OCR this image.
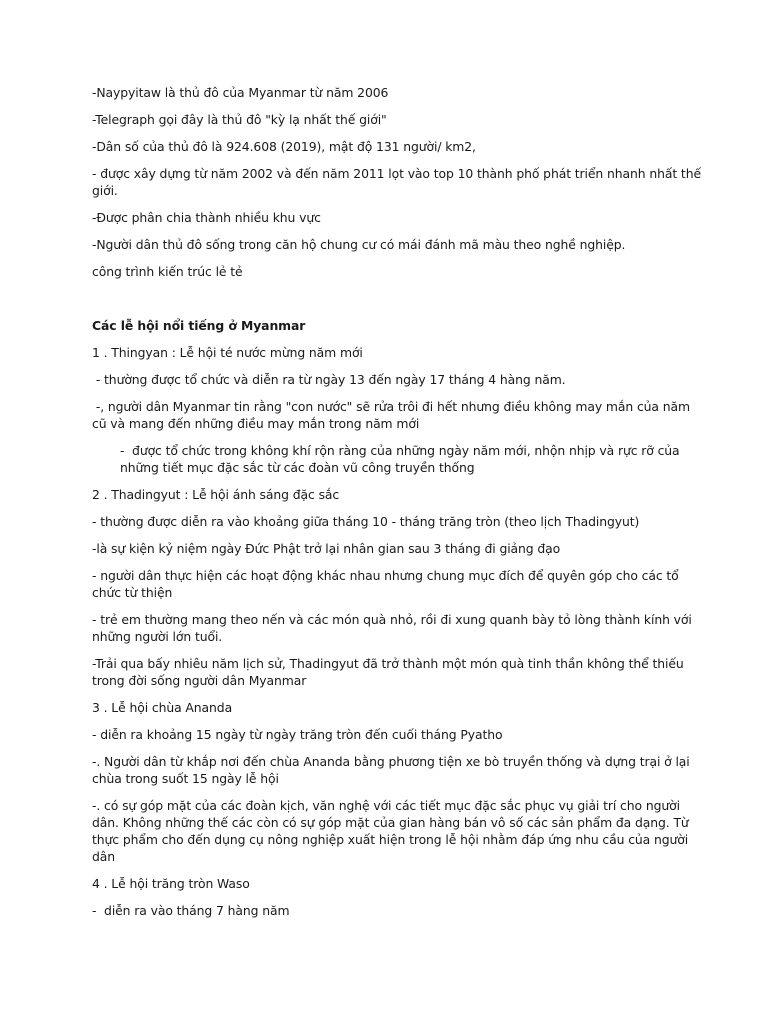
-Naypyitaw là thủ đô của Myanmar từ năm 2006

-Telegraph gọi đây là thủ đô "kỳ lạ nhất thế giới"

-Dân số của thủ đô là 924.608 (2019), mật độ 131 người/ km2,

- được xây dựng từ năm 2002 và đến năm 2011 lọt vào top 10 thành phố phát triển nhanh nhất thế giới.

-Được phân chia thành nhiều khu vực

-Người dân thủ đô sống trong căn hộ chung cư có mái đánh mã màu theo nghề nghiệp.

công trình kiến trúc lẻ tẻ

Các lễ hội nổi tiếng ở Myanmar

1 . Thingyan : Lễ hội té nước mừng năm mới

- thường được tổ chức và diễn ra từ ngày 13 đến ngày 17 tháng 4 hàng năm.

-, người dân Myanmar tin rằng "con nước" sẽ rửa trôi đi hết nhưng điều không may mắn của năm cũ và mang đến những điều may mắn trong năm mới

-  được tổ chức trong không khí rộn ràng của những ngày năm mới, nhộn nhịp và rực rỡ của những tiết mục đặc sắc từ các đoàn vũ công truyền thống

2 . Thadingyut : Lễ hội ánh sáng đặc sắc

- thường được diễn ra vào khoảng giữa tháng 10 - tháng trăng tròn (theo lịch Thadingyut)

-là sự kiện kỷ niệm ngày Đức Phật trở lại nhân gian sau 3 tháng đi giảng đạo

- người dân thực hiện các hoạt động khác nhau nhưng chung mục đích để quyên góp cho các tổ chức từ thiện

- trẻ em thường mang theo nến và các món quà nhỏ, rồi đi xung quanh bày tỏ lòng thành kính với những người lớn tuổi.

-Trải qua bấy nhiêu năm lịch sử, Thadingyut đã trở thành một món quà tinh thần không thể thiếu trong đời sống người dân Myanmar

3 . Lễ hội chùa Ananda

- diễn ra khoảng 15 ngày từ ngày trăng tròn đến cuối tháng Pyatho

-. Người dân từ khắp nơi đến chùa Ananda bằng phương tiện xe bò truyền thống và dựng trại ở lại chùa trong suốt 15 ngày lễ hội

-. có sự góp mặt của các đoàn kịch, văn nghệ với các tiết mục đặc sắc phục vụ giải trí cho người dân. Không những thế các còn có sự góp mặt của gian hàng bán vô số các sản phẩm đa dạng. Từ thực phẩm cho đến dụng cụ nông nghiệp xuất hiện trong lễ hội nhằm đáp ứng nhu cầu của người dân

4 . Lễ hội trăng tròn Waso

-  diễn ra vào tháng 7 hàng năm
